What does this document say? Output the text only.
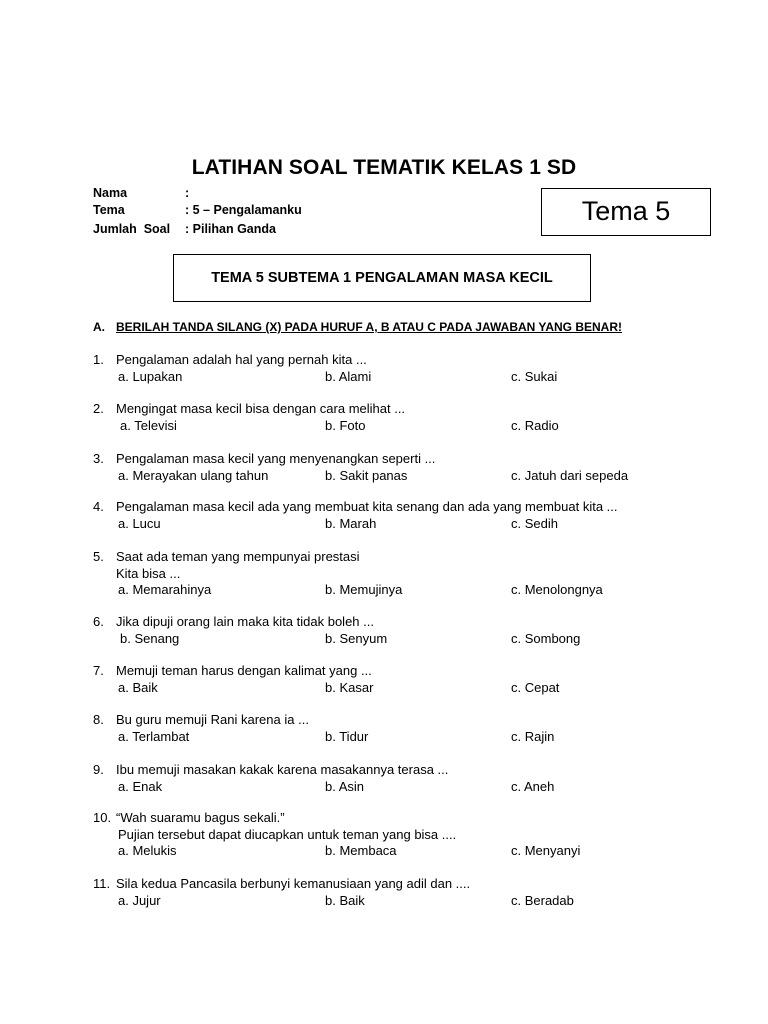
LATIHAN SOAL TEMATIK KELAS 1 SD
Nama	:
Tema	: 5 – Pengalamanku
Jumlah  Soal : Pilihan Ganda
Tema 5
TEMA 5 SUBTEMA 1 PENGALAMAN MASA KECIL
A. BERILAH TANDA SILANG (X) PADA HURUF A, B ATAU C PADA JAWABAN YANG BENAR!
1. Pengalaman adalah hal yang pernah kita ...
a. Lupakan	b. Alami	c. Sukai
2. Mengingat masa kecil bisa dengan cara melihat ...
a. Televisi	b. Foto	c. Radio
3. Pengalaman masa kecil yang menyenangkan seperti ...
a. Merayakan ulang tahun	b. Sakit panas	c. Jatuh dari sepeda
4. Pengalaman masa kecil ada yang membuat kita senang dan ada yang membuat kita ...
a. Lucu	b. Marah	c. Sedih
5. Saat ada teman yang mempunyai prestasi
Kita bisa ...
a. Memarahinya	b. Memujinya	c. Menolongnya
6. Jika dipuji orang lain maka kita tidak boleh ...
b. Senang	b. Senyum	c. Sombong
7. Memuji teman harus dengan kalimat yang ...
a. Baik	b. Kasar	c. Cepat
8. Bu guru memuji Rani karena ia ...
a. Terlambat	b. Tidur	c. Rajin
9. Ibu memuji masakan kakak karena masakannya terasa ...
a. Enak	b. Asin	c. Aneh
10. “Wah suaramu bagus sekali.”
Pujian tersebut dapat diucapkan untuk teman yang bisa ....
a. Melukis	b. Membaca	c. Menyanyi
11. Sila kedua Pancasila berbunyi kemanusiaan yang adil dan ....
a. Jujur	b. Baik	c. Beradab
